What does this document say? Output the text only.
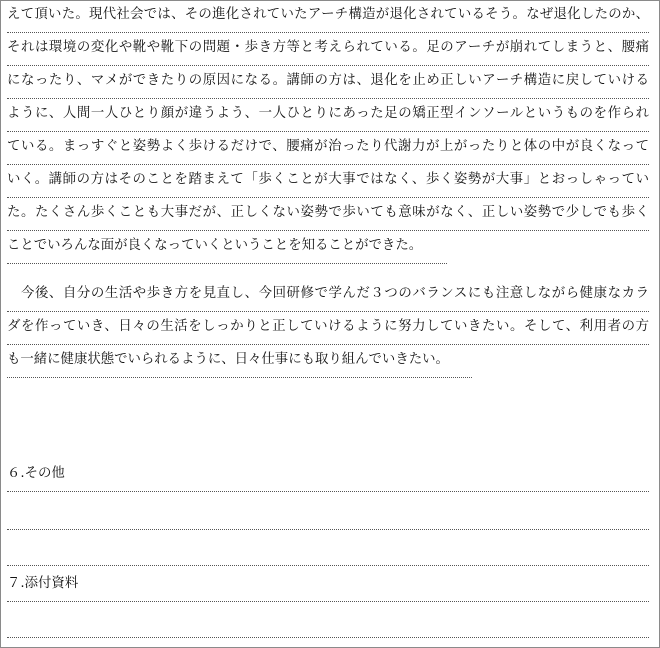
えて頂いた。現代社会では、その進化されていたアーチ構造が退化されているそう。なぜ退化したのか、
それは環境の変化や靴や靴下の問題・歩き方等と考えられている。足のアーチが崩れてしまうと、腰痛
になったり、マメができたりの原因になる。講師の方は、退化を止め正しいアーチ構造に戻していける
ように、人間一人ひとり顔が違うよう、一人ひとりにあった足の矯正型インソールというものを作られ
ている。まっすぐと姿勢よく歩けるだけで、腰痛が治ったり代謝力が上がったりと体の中が良くなって
いく。講師の方はそのことを踏まえて「歩くことが大事ではなく、歩く姿勢が大事」とおっしゃってい
た。たくさん歩くことも大事だが、正しくない姿勢で歩いても意味がなく、正しい姿勢で少しでも歩く
ことでいろんな面が良くなっていくということを知ることができた。
　今後、自分の生活や歩き方を見直し、今回研修で学んだ３つのバランスにも注意しながら健康なカラ
ダを作っていき、日々の生活をしっかりと正していけるように努力していきたい。そして、利用者の方
も一緒に健康状態でいられるように、日々仕事にも取り組んでいきたい。
６.その他
７.添付資料
